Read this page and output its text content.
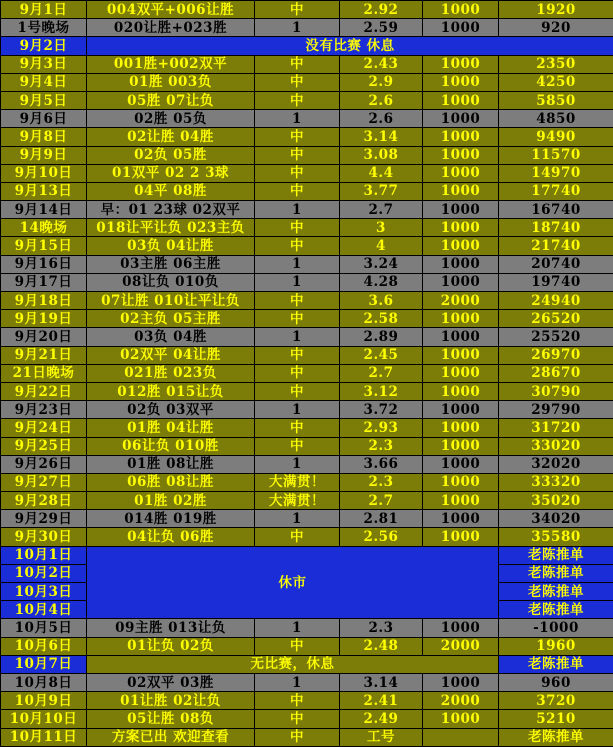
9月1日	004双平+006让胜	中	2.92	1000	1920
1号晚场	020让胜+023胜	1	2.59	1000	920
9月2日	没有比赛 休息				
9月3日	001胜+002双平	中	2.43	1000	2350
9月4日	01胜 003负	中	2.9	1000	4250
9月5日	05胜 07让负	中	2.6	1000	5850
9月6日	02胜 05负	1	2.6	1000	4850
9月8日	02让胜 04胜	中	3.14	1000	9490
9月9日	02负 05胜	中	3.08	1000	11570
9月10日	01双平 02 2 3球	中	4.4	1000	14970
9月13日	04平 08胜	中	3.77	1000	17740
9月14日	早：01 23球 02双平	1	2.7	1000	16740
14晚场	018让平让负 023主负	中	3	1000	18740
9月15日	03负 04让胜	中	4	1000	21740
9月16日	03主胜 06主胜	1	3.24	1000	20740
9月17日	08让负 010负	1	4.28	1000	19740
9月18日	07让胜 010让平让负	中	3.6	2000	24940
9月19日	02主负 05主胜	中	2.58	1000	26520
9月20日	03负 04胜	1	2.89	1000	25520
9月21日	02双平 04让胜	中	2.45	1000	26970
21日晚场	021胜 023负	中	2.7	1000	28670
9月22日	012胜 015让负	中	3.12	1000	30790
9月23日	02负 03双平	1	3.72	1000	29790
9月24日	01胜 04让胜	中	2.93	1000	31720
9月25日	06让负 010胜	中	2.3	1000	33020
9月26日	01胜 08让胜	1	3.66	1000	32020
9月27日	06胜 08让胜	大满贯！	2.3	1000	33320
9月28日	01胜 02胜	大满贯！	2.7	1000	35020
9月29日	014胜 019胜	1	2.81	1000	34020
9月30日	04让负 06胜	中	2.56	1000	35580
10月1日	休市				老陈推单
10月2日					老陈推单
10月3日					老陈推单
10月4日					老陈推单
10月5日	09主胜 013让负	1	2.3	1000	-1000
10月6日	01让负 02负	中	2.48	2000	1960
10月7日	无比赛，休息				老陈推单
10月8日	02双平 03胜	1	3.14	1000	960
10月9日	01让胜 02让负	中	2.41	2000	3720
10月10日	05让胜 08负	中	2.49	1000	5210
10月11日	方案已出 欢迎查看	中	工号		老陈推单
